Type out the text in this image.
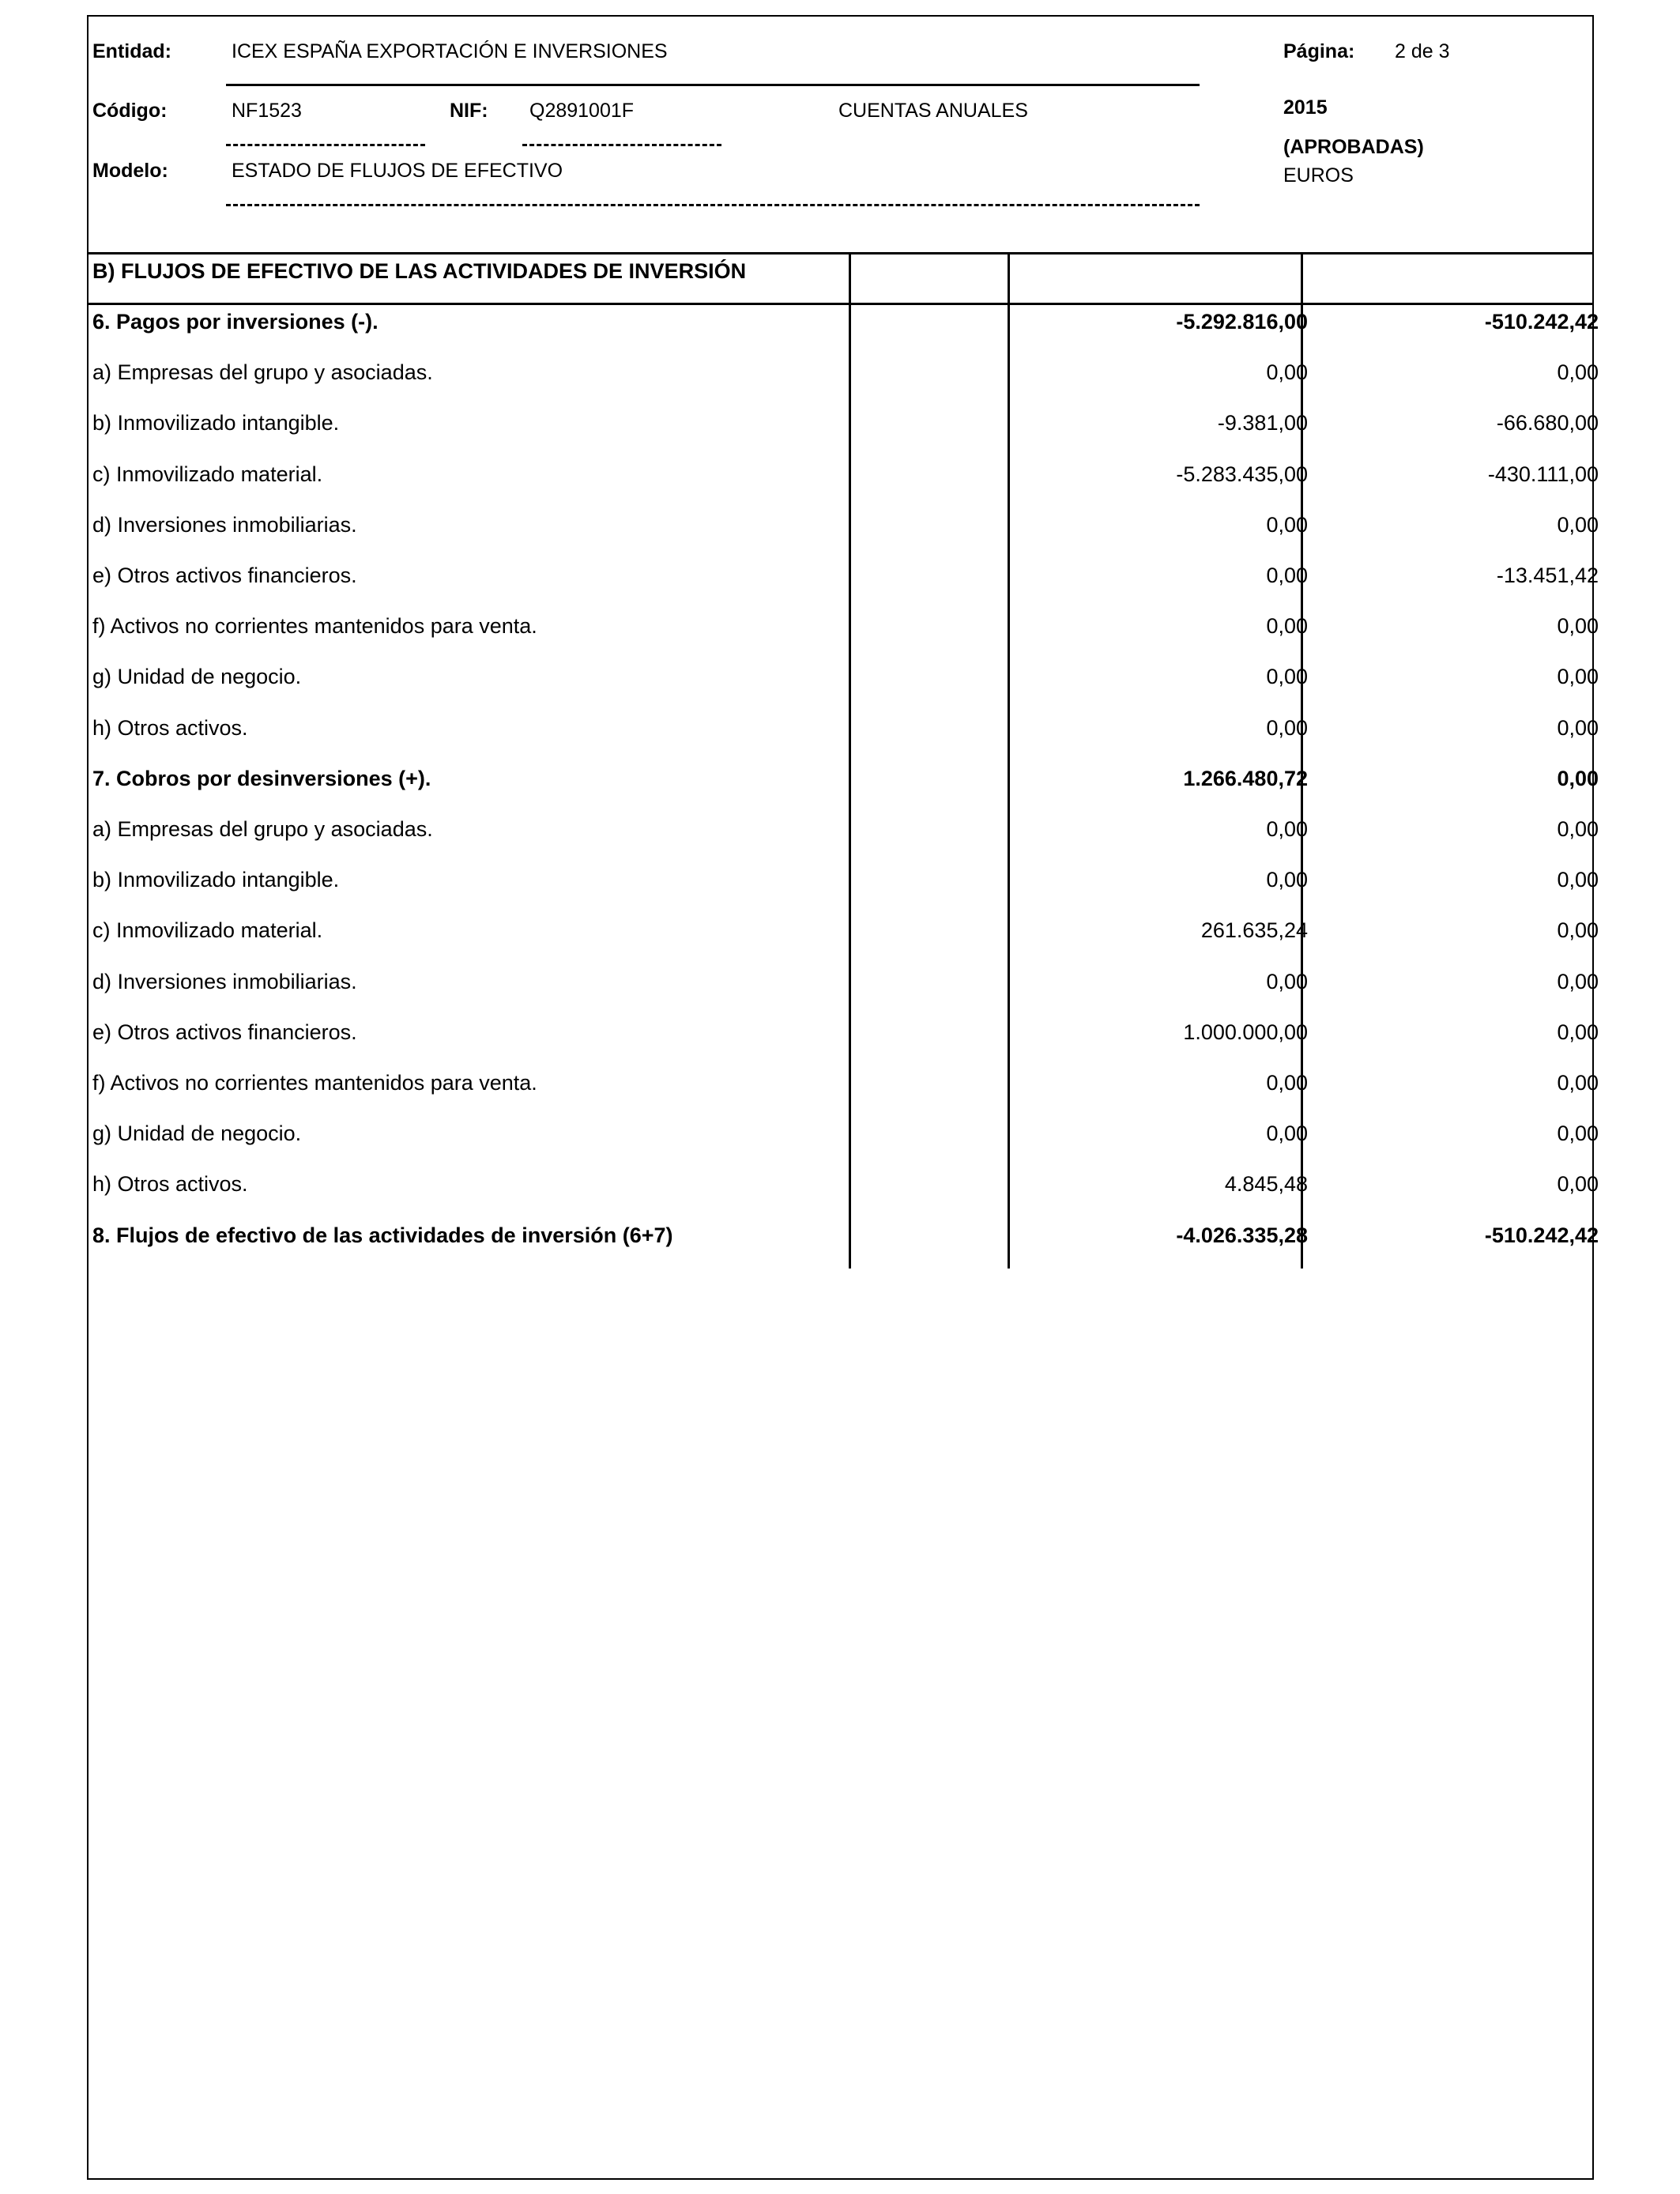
Entidad:	ICEX ESPAÑA EXPORTACIÓN E INVERSIONES	Página: 2 de 3
Código:	NF1523	NIF: Q2891001F	CUENTAS ANUALES	2015
(APROBADAS)
Modelo:	ESTADO DE FLUJOS DE EFECTIVO	EUROS
B) FLUJOS DE EFECTIVO DE LAS ACTIVIDADES DE INVERSIÓN
6. Pagos por inversiones (-).	-5.292.816,00	-510.242,42
a) Empresas del grupo y asociadas.	0,00	0,00
b) Inmovilizado intangible.	-9.381,00	-66.680,00
c) Inmovilizado material.	-5.283.435,00	-430.111,00
d) Inversiones inmobiliarias.	0,00	0,00
e) Otros activos financieros.	0,00	-13.451,42
f) Activos no corrientes mantenidos para venta.	0,00	0,00
g) Unidad de negocio.	0,00	0,00
h) Otros activos.	0,00	0,00
7. Cobros por desinversiones (+).	1.266.480,72	0,00
a) Empresas del grupo y asociadas.	0,00	0,00
b) Inmovilizado intangible.	0,00	0,00
c) Inmovilizado material.	261.635,24	0,00
d) Inversiones inmobiliarias.	0,00	0,00
e) Otros activos financieros.	1.000.000,00	0,00
f) Activos no corrientes mantenidos para venta.	0,00	0,00
g) Unidad de negocio.	0,00	0,00
h) Otros activos.	4.845,48	0,00
8. Flujos de efectivo de las actividades de inversión (6+7)	-4.026.335,28	-510.242,42
